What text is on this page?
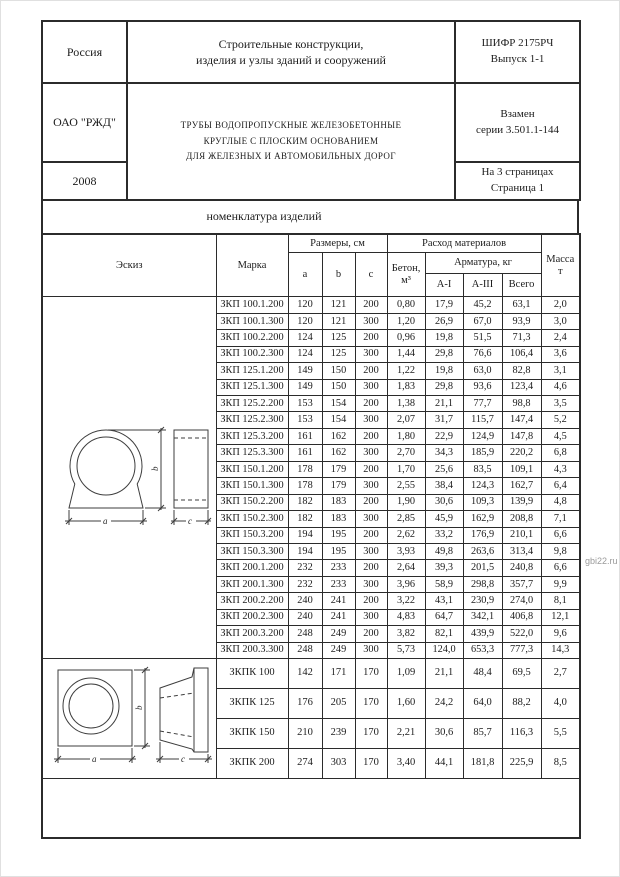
Россия	
Строительные конструкции,
изделия и узлы зданий и сооружений

ШИФР 2175РЧ
Выпуск 1-1

ОАО "РЖД"	ТРУБЫ ВОДОПРОПУСКНЫЕ ЖЕЛЕЗОБЕТОННЫЕ
КРУГЛЫЕ С ПЛОСКИМ ОСНОВАНИЕМ
ДЛЯ ЖЕЛЕЗНЫХ И АВТОМОБИЛЬНЫХ ДОРОГ

Взамен
серии 3.501.1-144

2008		На 3 страницах
Страница 1
номенклатура изделий
Эскиз	Марка	Размеры, см			Расход материалов				Масса
т

		a	b	c	Бетон,
м³	Арматура, кг			
						А-I	А-III	Всего	

a
b
c	ЗКП 100.1.200	120	121	200	0,80	17,9	45,2	63,1	2,0
	ЗКП 100.1.300	120	121	300	1,20	26,9	67,0	93,9	3,0
	ЗКП 100.2.200	124	125	200	0,96	19,8	51,5	71,3	2,4
	ЗКП 100.2.300	124	125	300	1,44	29,8	76,6	106,4	3,6
	ЗКП 125.1.200	149	150	200	1,22	19,8	63,0	82,8	3,1
	ЗКП 125.1.300	149	150	300	1,83	29,8	93,6	123,4	4,6
	ЗКП 125.2.200	153	154	200	1,38	21,1	77,7	98,8	3,5
	ЗКП 125.2.300	153	154	300	2,07	31,7	115,7	147,4	5,2
	ЗКП 125.3.200	161	162	200	1,80	22,9	124,9	147,8	4,5
	ЗКП 125.3.300	161	162	300	2,70	34,3	185,9	220,2	6,8
	ЗКП 150.1.200	178	179	200	1,70	25,6	83,5	109,1	4,3
	ЗКП 150.1.300	178	179	300	2,55	38,4	124,3	162,7	6,4
	ЗКП 150.2.200	182	183	200	1,90	30,6	109,3	139,9	4,8
	ЗКП 150.2.300	182	183	300	2,85	45,9	162,9	208,8	7,1
	ЗКП 150.3.200	194	195	200	2,62	33,2	176,9	210,1	6,6
	ЗКП 150.3.300	194	195	300	3,93	49,8	263,6	313,4	9,8
	ЗКП 200.1.200	232	233	200	2,64	39,3	201,5	240,8	6,6
	ЗКП 200.1.300	232	233	300	3,96	58,9	298,8	357,7	9,9
	ЗКП 200.2.200	240	241	200	3,22	43,1	230,9	274,0	8,1
	ЗКП 200.2.300	240	241	300	4,83	64,7	342,1	406,8	12,1
	ЗКП 200.3.200	248	249	200	3,82	82,1	439,9	522,0	9,6
	ЗКП 200.3.300	248	249	300	5,73	124,0	653,3	777,3	14,3

b
a c	ЗКПК 100	142	171	170	1,09	21,1	48,4	69,5	2,7
	ЗКПК 125	176	205	170	1,60	24,2	64,0	88,2	4,0
	ЗКПК 150	210	239	170	2,21	30,6	85,7	116,3	5,5
	ЗКПК 200	274	303	170	3,40	44,1	181,8	225,9	8,5

gbi22.ru
